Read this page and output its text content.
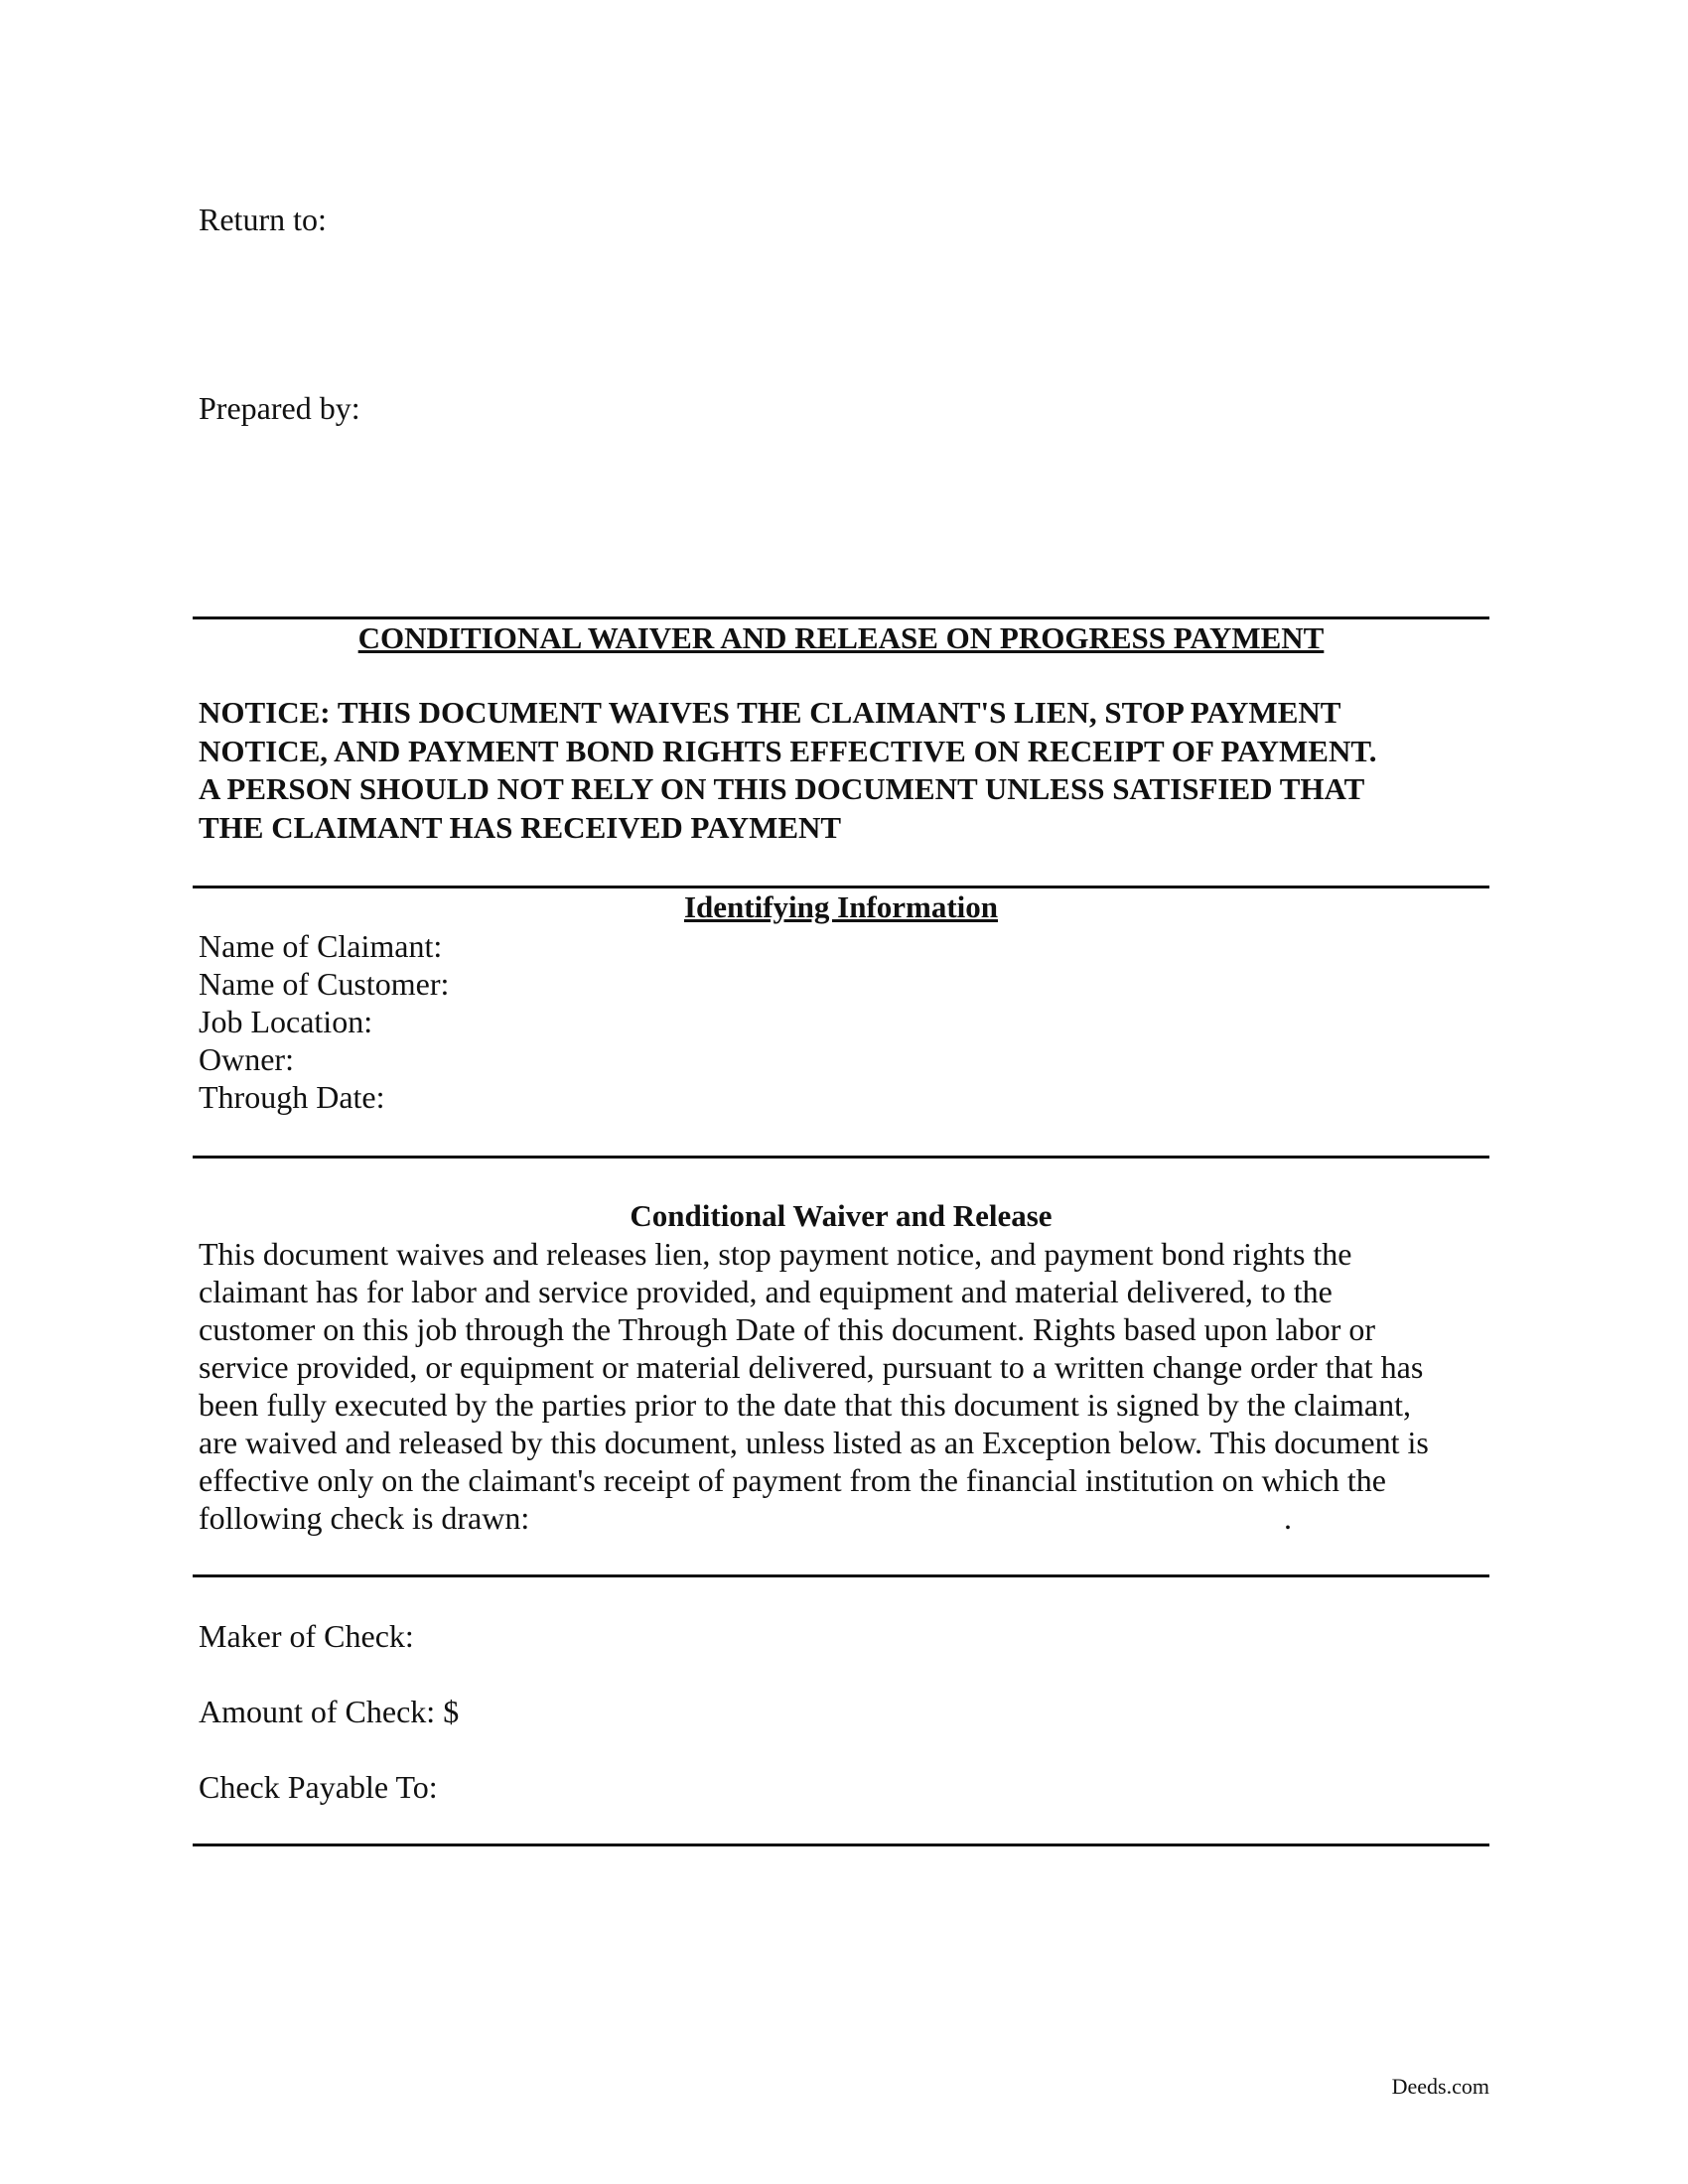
Return to:
Prepared by:
CONDITIONAL WAIVER AND RELEASE ON PROGRESS PAYMENT
NOTICE: THIS DOCUMENT WAIVES THE CLAIMANT'S LIEN, STOP PAYMENT
NOTICE, AND PAYMENT BOND RIGHTS EFFECTIVE ON RECEIPT OF PAYMENT.
A PERSON SHOULD NOT RELY ON THIS DOCUMENT UNLESS SATISFIED THAT
THE CLAIMANT HAS RECEIVED PAYMENT
Identifying Information
Name of Claimant:
Name of Customer:
Job Location:
Owner:
Through Date:
Conditional Waiver and Release
This document waives and releases lien, stop payment notice, and payment bond rights the
claimant has for labor and service provided, and equipment and material delivered, to the
customer on this job through the Through Date of this document. Rights based upon labor or
service provided, or equipment or material delivered, pursuant to a written change order that has
been fully executed by the parties prior to the date that this document is signed by the claimant,
are waived and released by this document, unless listed as an Exception below. This document is
effective only on the claimant's receipt of payment from the financial institution on which the
following check is drawn:	.
Maker of Check:
Amount of Check: $
Check Payable To:
Deeds.com
